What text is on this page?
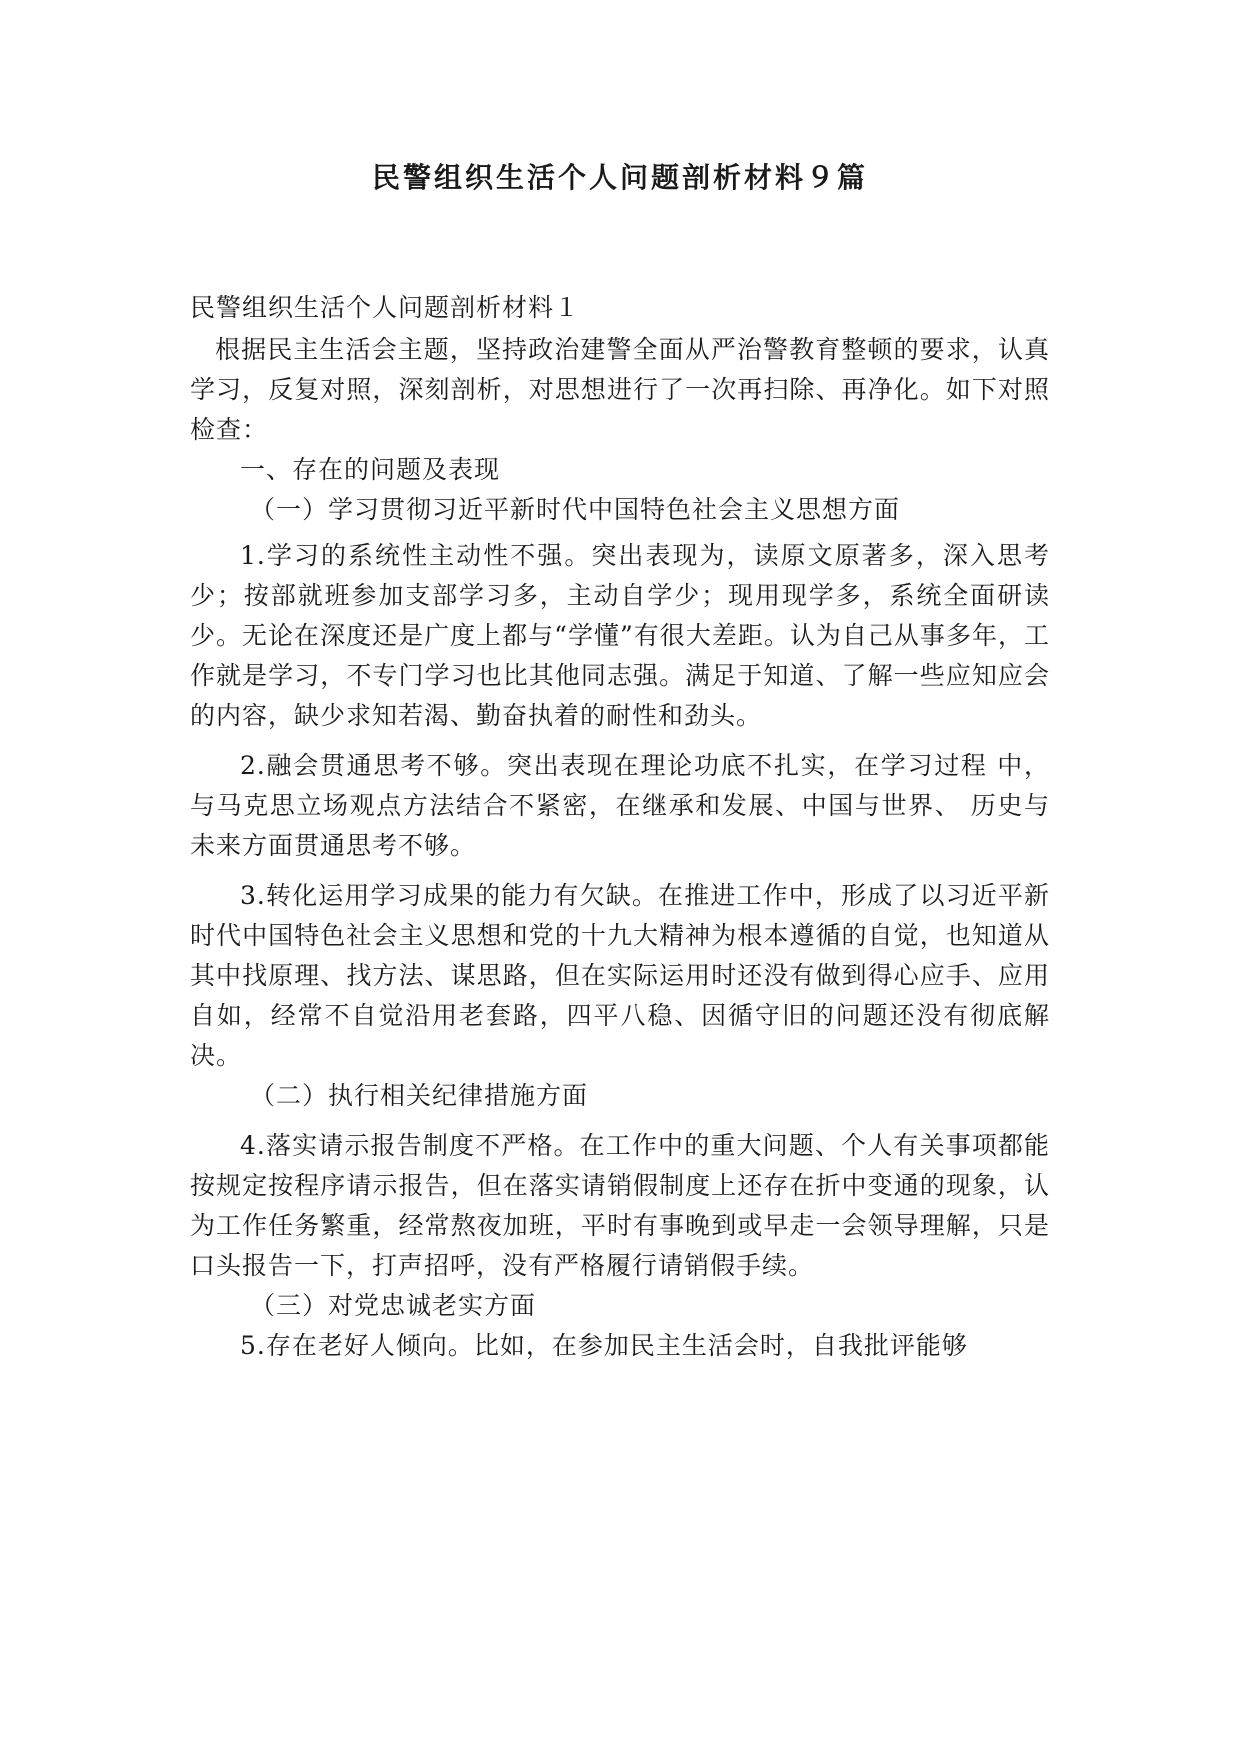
民警组织生活个人问题剖析材料９篇

民警组织生活个人问题剖析材料１

根据民主生活会主题，坚持政治建警全面从严治警教育整顿的要求，认真学习，反复对照，深刻剖析，对思想进行了一次再扫除、再净化。如下对照检查：

一、存在的问题及表现

（一）学习贯彻习近平新时代中国特色社会主义思想方面

1.学习的系统性主动性不强。突出表现为，读原文原著多，深入思考少；按部就班参加支部学习多，主动自学少；现用现学多，系统全面研读少。无论在深度还是广度上都与“学懂”有很大差距。认为自己从事多年，工作就是学习，不专门学习也比其他同志强。满足于知道、了解一些应知应会的内容，缺少求知若渴、勤奋执着的耐性和劲头。

2.融会贯通思考不够。突出表现在理论功底不扎实，在学习过程 中，与马克思立场观点方法结合不紧密，在继承和发展、中国与世界、 历史与未来方面贯通思考不够。

3.转化运用学习成果的能力有欠缺。在推进工作中，形成了以习近平新时代中国特色社会主义思想和党的十九大精神为根本遵循的自觉，也知道从其中找原理、找方法、谋思路，但在实际运用时还没有做到得心应手、应用自如，经常不自觉沿用老套路，四平八稳、因循守旧的问题还没有彻底解决。

（二）执行相关纪律措施方面

4.落实请示报告制度不严格。在工作中的重大问题、个人有关事项都能按规定按程序请示报告，但在落实请销假制度上还存在折中变通的现象，认为工作任务繁重，经常熬夜加班，平时有事晚到或早走一会领导理解，只是口头报告一下，打声招呼，没有严格履行请销假手续。

（三）对党忠诚老实方面

5.存在老好人倾向。比如，在参加民主生活会时，自我批评能够
